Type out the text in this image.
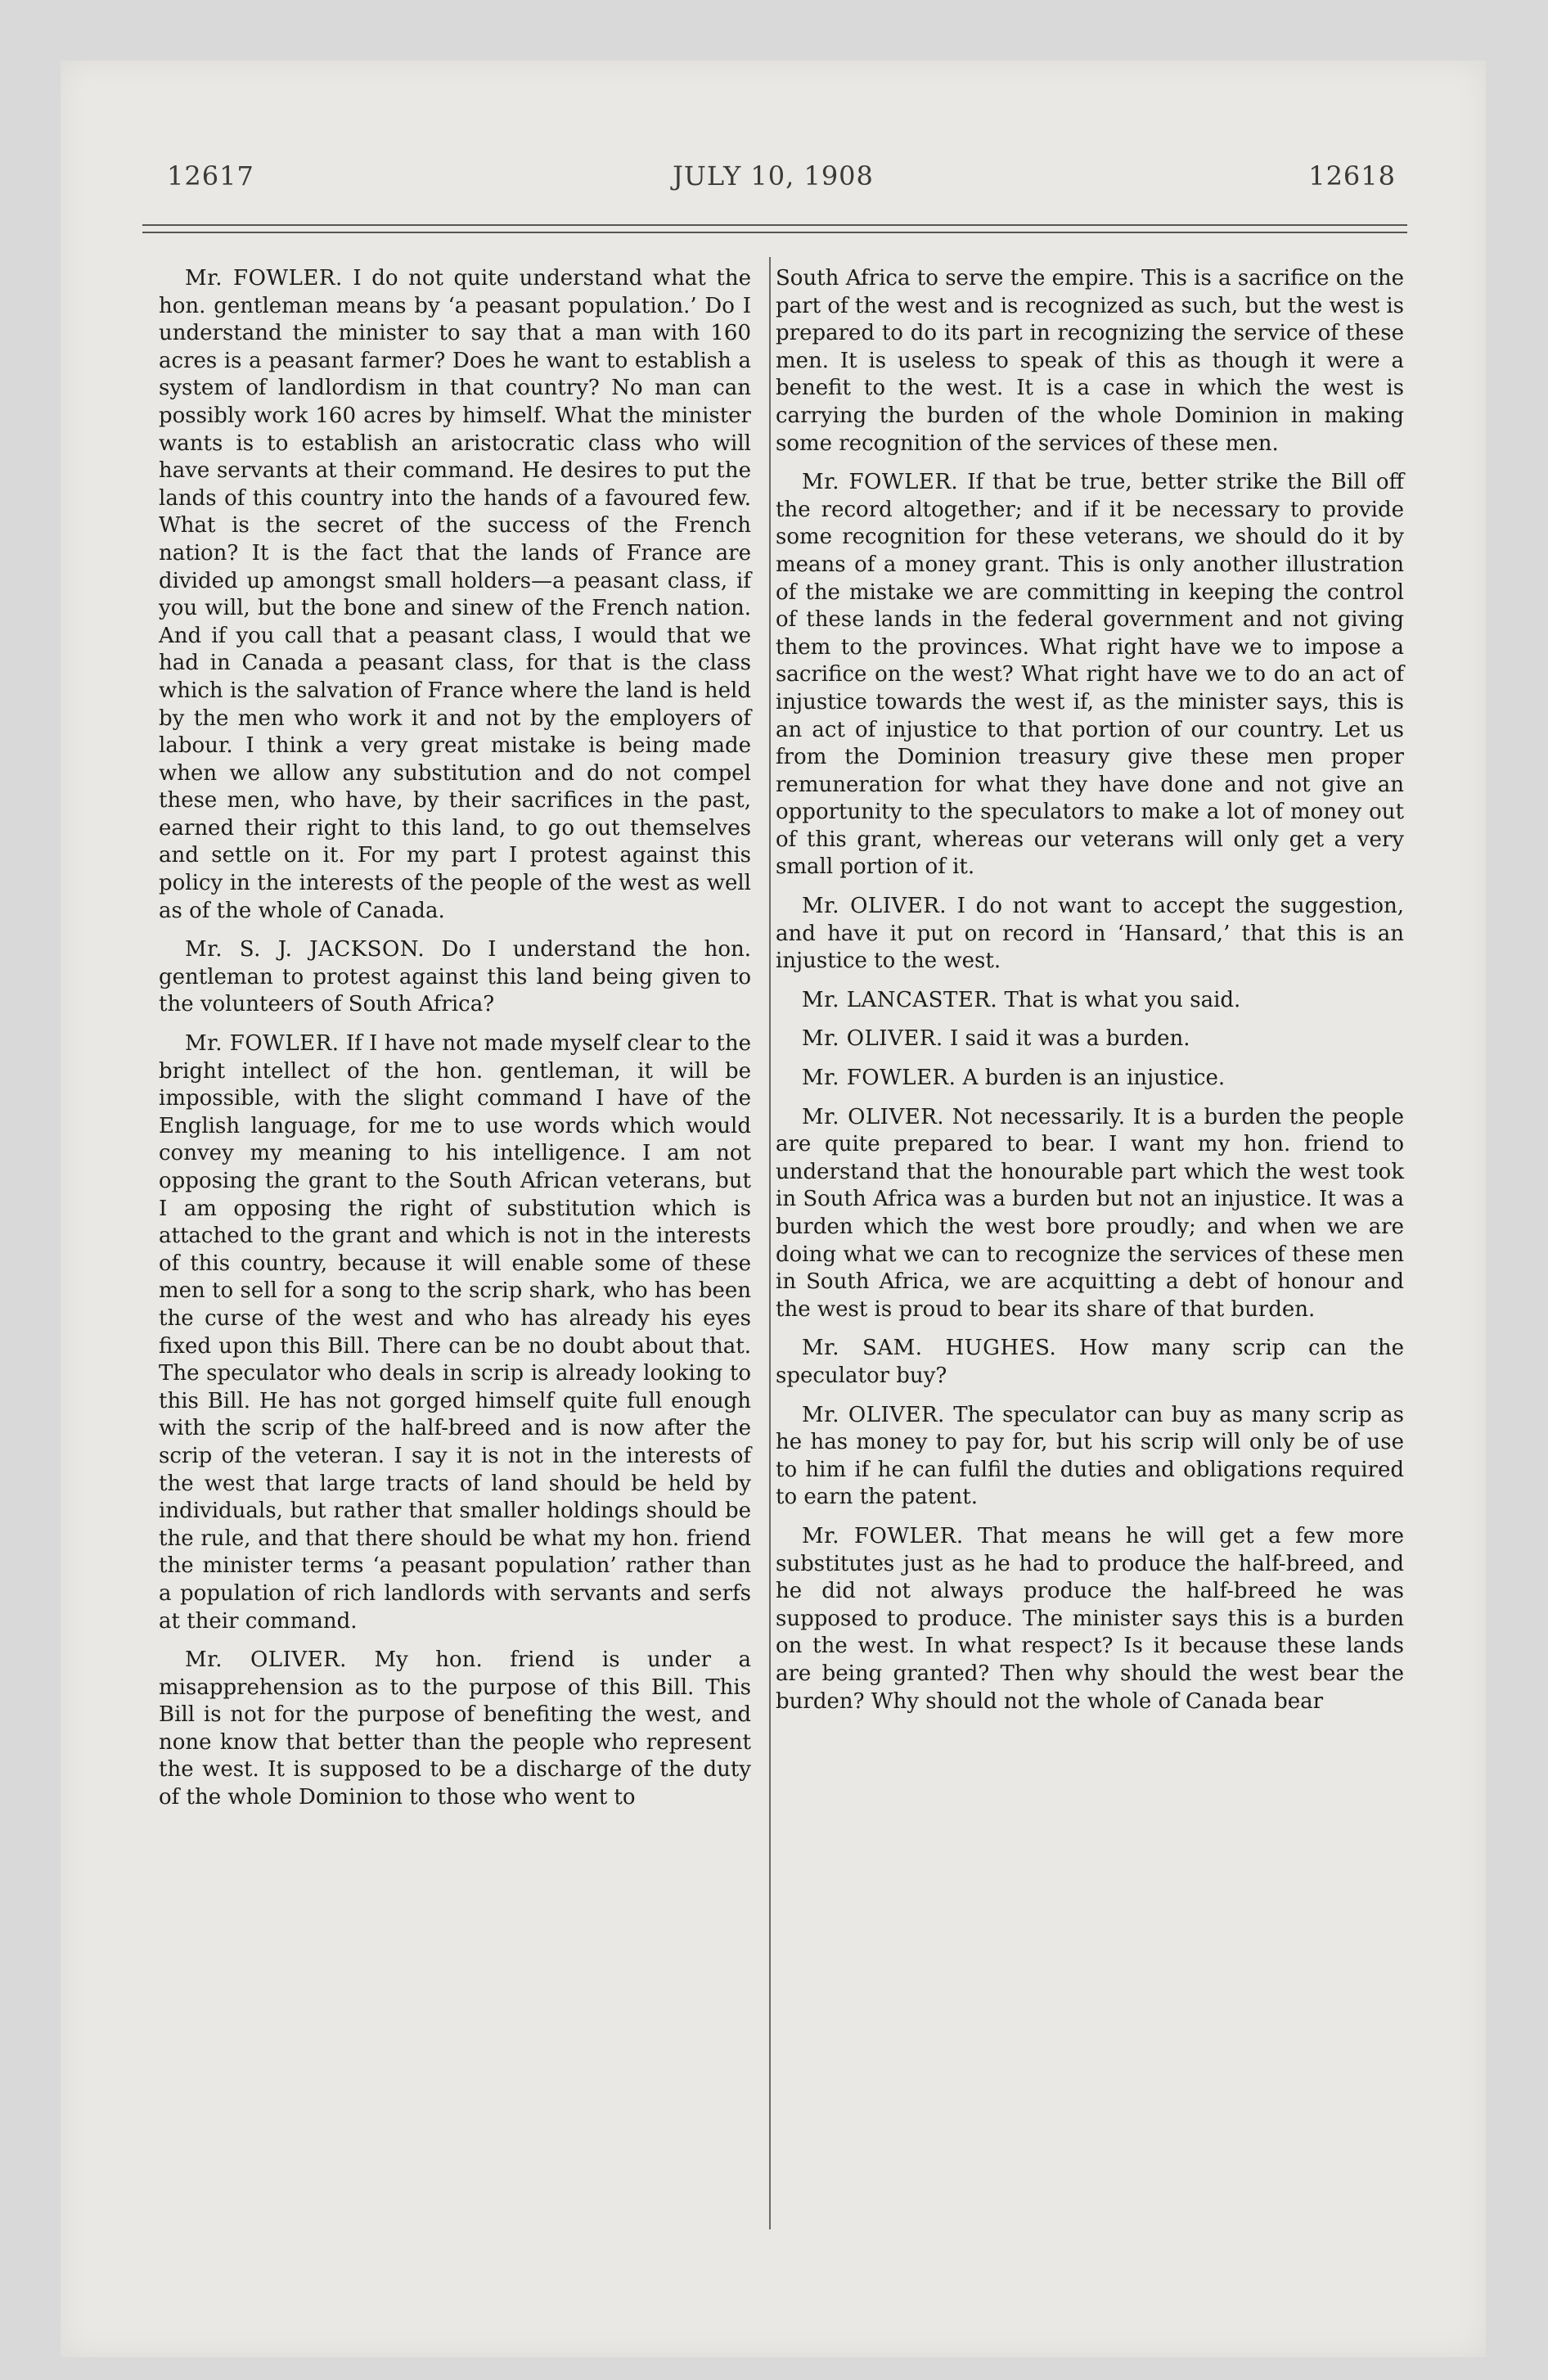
12617	JULY 10, 1908	12618

Mr. FOWLER. I do not quite understand what the hon. gentleman means by ‘a peasant population.’ Do I understand the minister to say that a man with 160 acres is a peasant farmer? Does he want to establish a system of landlordism in that country? No man can possibly work 160 acres by himself. What the minister wants is to establish an aristocratic class who will have servants at their command. He desires to put the lands of this country into the hands of a favoured few. What is the secret of the success of the French nation? It is the fact that the lands of France are divided up amongst small holders—a peasant class, if you will, but the bone and sinew of the French nation. And if you call that a peasant class, I would that we had in Canada a peasant class, for that is the class which is the salvation of France where the land is held by the men who work it and not by the employers of labour. I think a very great mistake is being made when we allow any substitution and do not compel these men, who have, by their sacrifices in the past, earned their right to this land, to go out themselves and settle on it. For my part I protest against this policy in the interests of the people of the west as well as of the whole of Canada.

Mr. S. J. JACKSON. Do I understand the hon. gentleman to protest against this land being given to the volunteers of South Africa?

Mr. FOWLER. If I have not made myself clear to the bright intellect of the hon. gentleman, it will be impossible, with the slight command I have of the English language, for me to use words which would convey my meaning to his intelligence. I am not opposing the grant to the South African veterans, but I am opposing the right of substitution which is attached to the grant and which is not in the interests of this country, because it will enable some of these men to sell for a song to the scrip shark, who has been the curse of the west and who has already his eyes fixed upon this Bill. There can be no doubt about that. The speculator who deals in scrip is already looking to this Bill. He has not gorged himself quite full enough with the scrip of the half-breed and is now after the scrip of the veteran. I say it is not in the interests of the west that large tracts of land should be held by individuals, but rather that smaller holdings should be the rule, and that there should be what my hon. friend the minister terms ‘a peasant population’ rather than a population of rich landlords with servants and serfs at their command.

Mr. OLIVER. My hon. friend is under a misapprehension as to the purpose of this Bill. This Bill is not for the purpose of benefiting the west, and none know that better than the people who represent the west. It is supposed to be a discharge of the duty of the whole Dominion to those who went to

South Africa to serve the empire. This is a sacrifice on the part of the west and is recognized as such, but the west is prepared to do its part in recognizing the service of these men. It is useless to speak of this as though it were a benefit to the west. It is a case in which the west is carrying the burden of the whole Dominion in making some recognition of the services of these men.

Mr. FOWLER. If that be true, better strike the Bill off the record altogether; and if it be necessary to provide some recognition for these veterans, we should do it by means of a money grant. This is only another illustration of the mistake we are committing in keeping the control of these lands in the federal government and not giving them to the provinces. What right have we to impose a sacrifice on the west? What right have we to do an act of injustice towards the west if, as the minister says, this is an act of injustice to that portion of our country. Let us from the Dominion treasury give these men proper remuneration for what they have done and not give an opportunity to the speculators to make a lot of money out of this grant, whereas our veterans will only get a very small portion of it.

Mr. OLIVER. I do not want to accept the suggestion, and have it put on record in ‘Hansard,’ that this is an injustice to the west.

Mr. LANCASTER. That is what you said.

Mr. OLIVER. I said it was a burden.

Mr. FOWLER. A burden is an injustice.

Mr. OLIVER. Not necessarily. It is a burden the people are quite prepared to bear. I want my hon. friend to understand that the honourable part which the west took in South Africa was a burden but not an injustice. It was a burden which the west bore proudly; and when we are doing what we can to recognize the services of these men in South Africa, we are acquitting a debt of honour and the west is proud to bear its share of that burden.

Mr. SAM. HUGHES. How many scrip can the speculator buy?

Mr. OLIVER. The speculator can buy as many scrip as he has money to pay for, but his scrip will only be of use to him if he can fulfil the duties and obligations required to earn the patent.

Mr. FOWLER. That means he will get a few more substitutes just as he had to produce the half-breed, and he did not always produce the half-breed he was supposed to produce. The minister says this is a burden on the west. In what respect? Is it because these lands are being granted? Then why should the west bear the burden? Why should not the whole of Canada bear
